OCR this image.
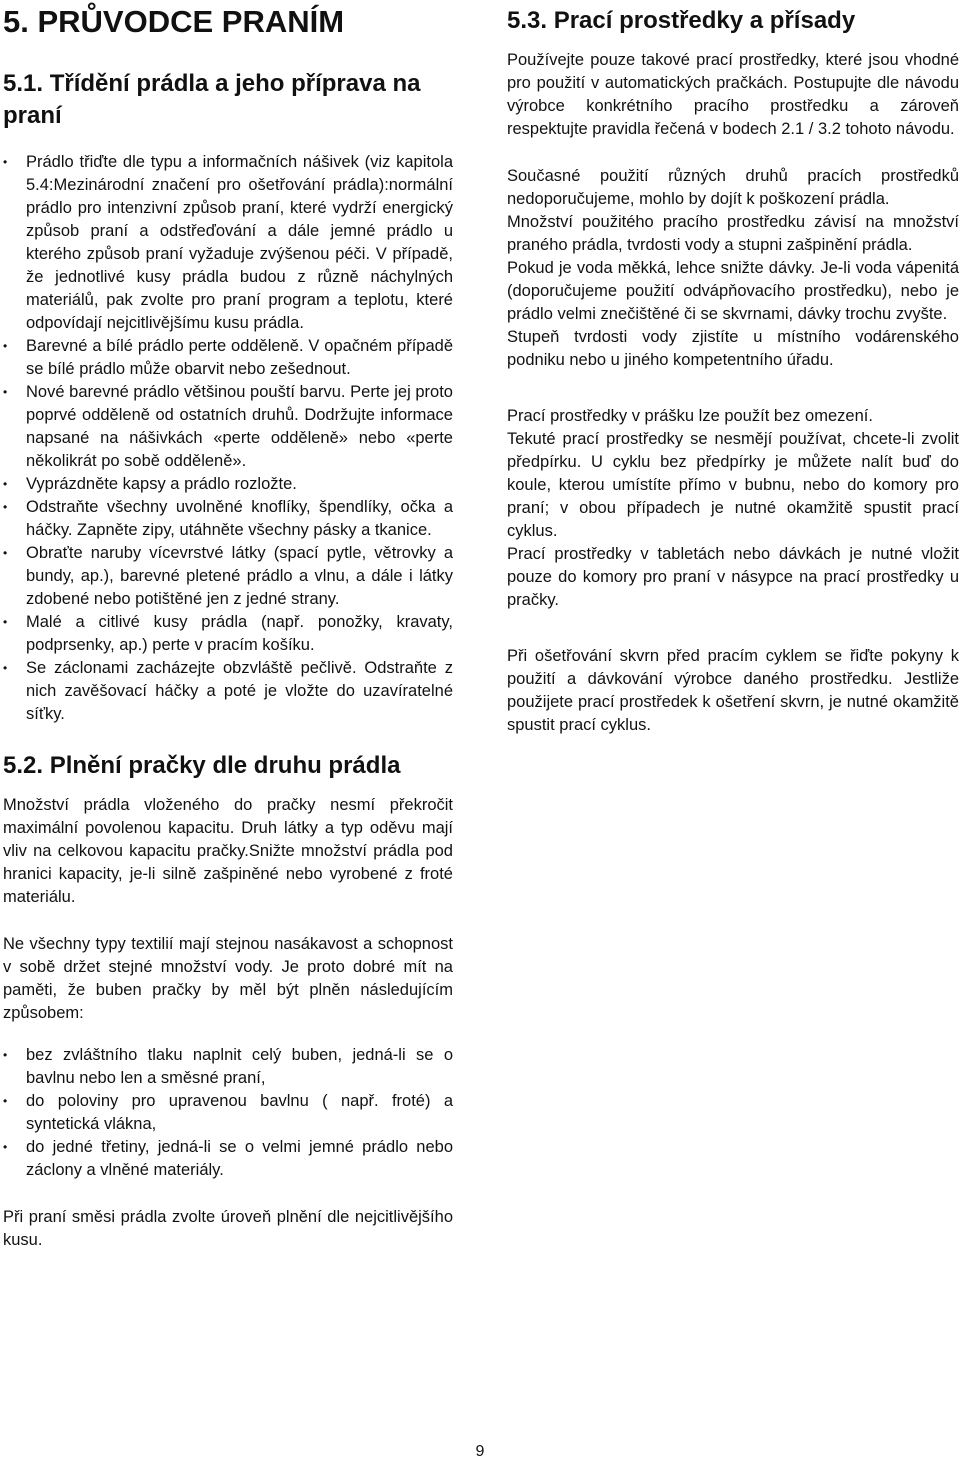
5. PRŮVODCE PRANÍM
5.1. Třídění prádla a jeho příprava na praní
• Prádlo třiďte dle typu a informačních nášivek (viz kapitola 5.4:Mezinárodní značení pro ošetřování prádla):normální prádlo pro intenzivní způsob praní, které vydrží energický způsob praní a odstřeďování a dále jemné prádlo u kterého způsob praní vyžaduje zvýšenou péči. V případě, že jednotlivé kusy prádla budou z různě náchylných materiálů, pak zvolte pro praní program a teplotu, které odpovídají nejcitlivějšímu kusu prádla.
• Barevné a bílé prádlo perte odděleně. V opačném případě se bílé prádlo může obarvit nebo zešednout.
• Nové barevné prádlo většinou pouští barvu. Perte jej proto poprvé odděleně od ostatních druhů. Dodržujte informace napsané na nášivkách «perte odděleně» nebo «perte několikrát po sobě odděleně».
• Vyprázdněte kapsy a prádlo rozložte.
• Odstraňte všechny uvolněné knoflíky, špendlíky, očka a háčky. Zapněte zipy, utáhněte všechny pásky a tkanice.
• Obraťte naruby vícevrstvé látky (spací pytle, větrovky a bundy, ap.), barevné pletené prádlo a vlnu, a dále i látky zdobené nebo potištěné jen z jedné strany.
• Malé a citlivé kusy prádla (např. ponožky, kravaty, podprsenky, ap.) perte v pracím košíku.
• Se záclonami zacházejte obzvláště pečlivě. Odstraňte z nich zavěšovací háčky a poté je vložte do uzavíratelné síťky.
5.2. Plnění pračky dle druhu prádla

Množství prádla vloženého do pračky nesmí překročit maximální povolenou kapacitu. Druh látky a typ oděvu mají vliv na celkovou kapacitu pračky.Snižte množství prádla pod hranici kapacity, je-li silně zašpiněné nebo vyrobené z froté materiálu.

Ne všechny typy textilií mají stejnou nasákavost a schopnost v sobě držet stejné množství vody. Je proto dobré mít na paměti, že buben pračky by měl být plněn následujícím způsobem:

• bez zvláštního tlaku naplnit celý buben, jedná-li se o bavlnu nebo len a směsné praní,
• do poloviny pro upravenou bavlnu ( např. froté) a syntetická vlákna,
• do jedné třetiny, jedná-li se o velmi jemné prádlo nebo záclony a vlněné materiály.

Při praní směsi prádla zvolte úroveň plnění dle nejcitlivějšího kusu.

5.3. Prací prostředky a přísady

Používejte pouze takové prací prostředky, které jsou vhodné pro použití v automatických pračkách. Postupujte dle návodu výrobce konkrétního pracího prostředku a zároveň respektujte pravidla řečená v bodech 2.1 / 3.2 tohoto návodu.

Současné použití různých druhů pracích prostředků nedoporučujeme, mohlo by dojít k poškození prádla.

Množství použitého pracího prostředku závisí na množství praného prádla, tvrdosti vody a stupni zašpinění prádla.

Pokud je voda měkká, lehce snižte dávky. Je-li voda vápenitá (doporučujeme použití odvápňovacího prostředku), nebo je prádlo velmi znečištěné či se skvrnami, dávky trochu zvyšte.

Stupeň tvrdosti vody zjistíte u místního vodárenského podniku nebo u jiného kompetentního úřadu.

Prací prostředky v prášku lze použít bez omezení.

Tekuté prací prostředky se nesmějí používat, chcete-li zvolit předpírku. U cyklu bez předpírky je můžete nalít buď do koule, kterou umístíte přímo v bubnu, nebo do komory pro praní; v obou případech je nutné okamžitě spustit prací cyklus.

Prací prostředky v tabletách nebo dávkách je nutné vložit pouze do komory pro praní v násypce na prací prostředky u pračky.

Při ošetřování skvrn před pracím cyklem se řiďte pokyny k použití a dávkování výrobce daného prostředku. Jestliže použijete prací prostředek k ošetření skvrn, je nutné okamžitě spustit prací cyklus.

9
